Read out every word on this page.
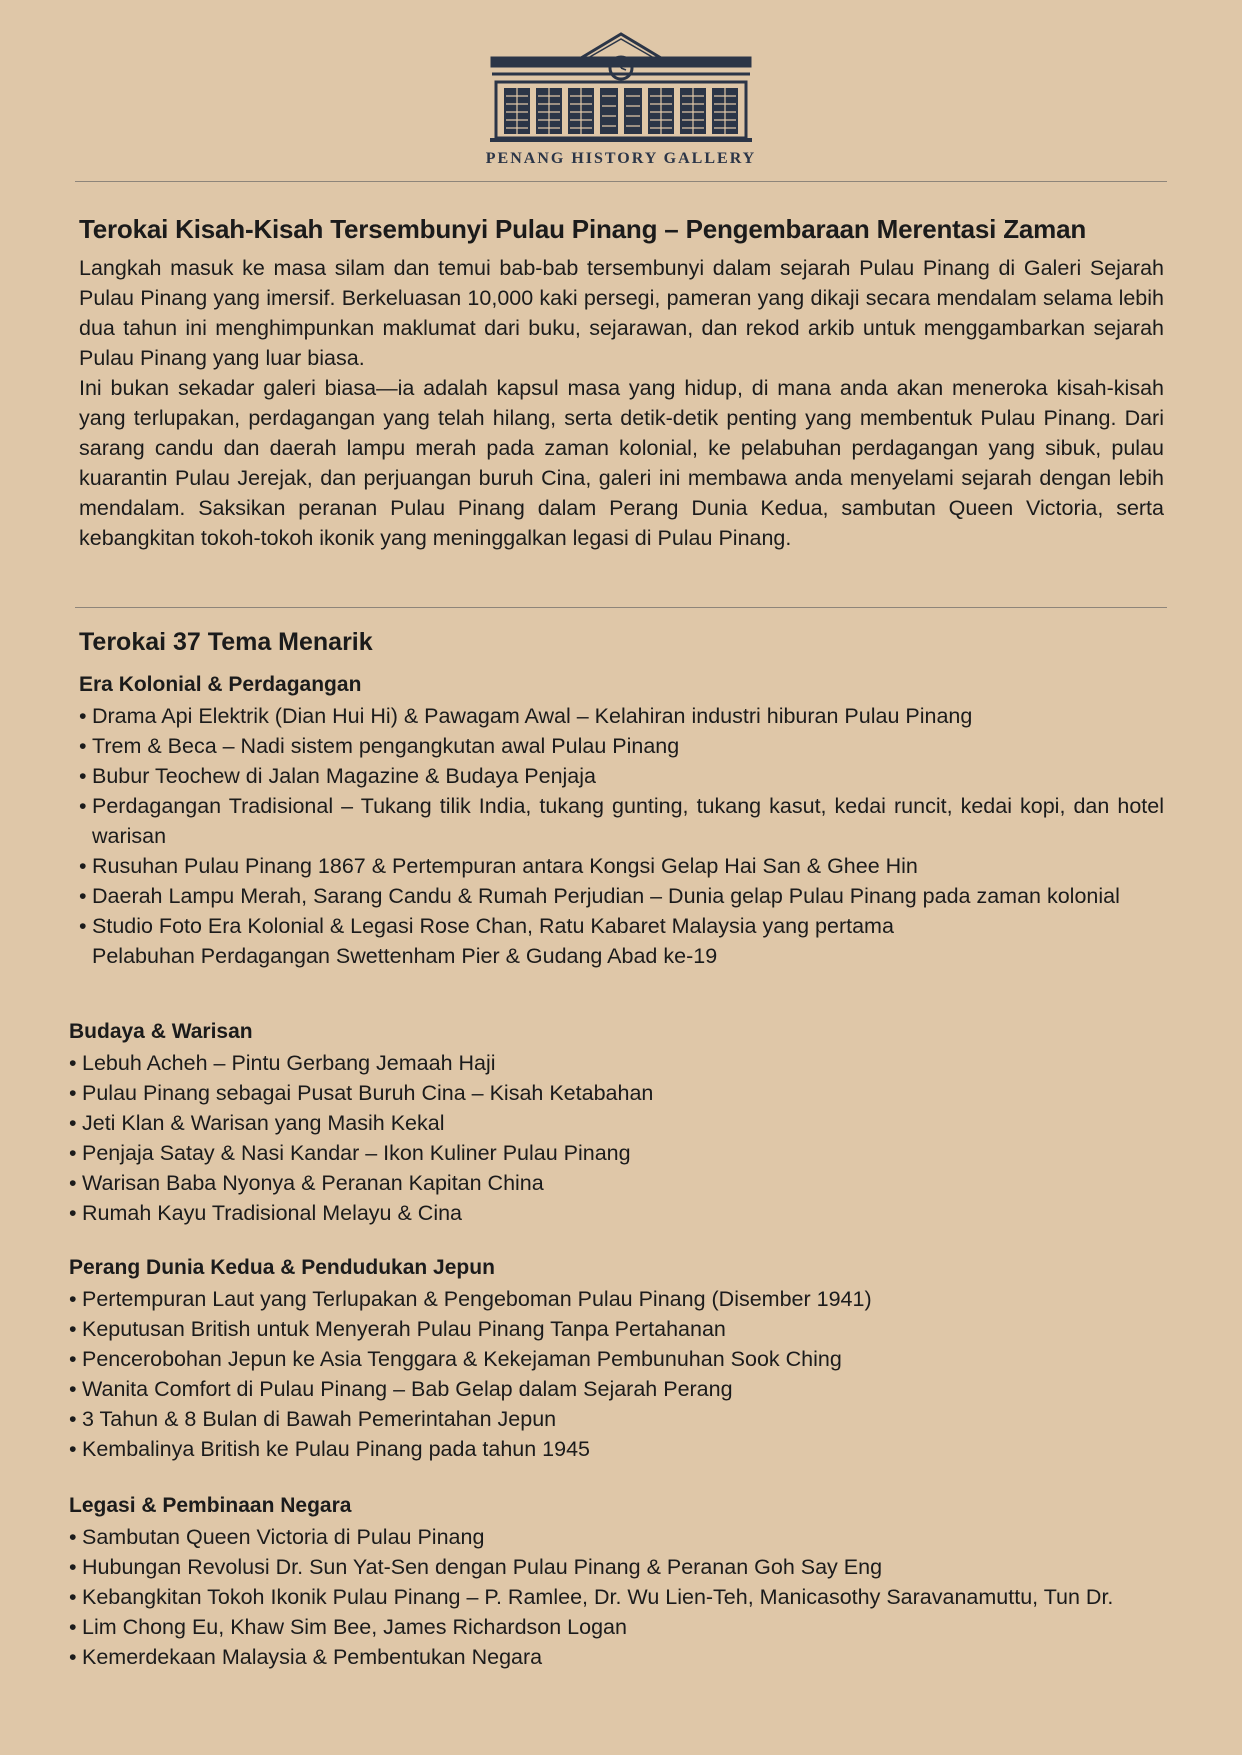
PENANG HISTORY GALLERY
Terokai Kisah-Kisah Tersembunyi Pulau Pinang – Pengembaraan Merentasi Zaman

Langkah masuk ke masa silam dan temui bab-bab tersembunyi dalam sejarah Pulau Pinang di Galeri Sejarah Pulau Pinang yang imersif. Berkeluasan 10,000 kaki persegi, pameran yang dikaji secara mendalam selama lebih dua tahun ini menghimpunkan maklumat dari buku, sejarawan, dan rekod arkib untuk menggambarkan sejarah Pulau Pinang yang luar biasa.

Ini bukan sekadar galeri biasa—ia adalah kapsul masa yang hidup, di mana anda akan meneroka kisah-kisah yang terlupakan, perdagangan yang telah hilang, serta detik-detik penting yang membentuk Pulau Pinang. Dari sarang candu dan daerah lampu merah pada zaman kolonial, ke pelabuhan perdagangan yang sibuk, pulau kuarantin Pulau Jerejak, dan perjuangan buruh Cina, galeri ini membawa anda menyelami sejarah dengan lebih mendalam. Saksikan peranan Pulau Pinang dalam Perang Dunia Kedua, sambutan Queen Victoria, serta kebangkitan tokoh-tokoh ikonik yang meninggalkan legasi di Pulau Pinang.

Terokai 37 Tema Menarik
Era Kolonial & Perdagangan
• Drama Api Elektrik (Dian Hui Hi) & Pawagam Awal – Kelahiran industri hiburan Pulau Pinang
• Trem & Beca – Nadi sistem pengangkutan awal Pulau Pinang
• Bubur Teochew di Jalan Magazine & Budaya Penjaja
• Perdagangan Tradisional – Tukang tilik India, tukang gunting, tukang kasut, kedai runcit, kedai kopi, dan hotel warisan
• Rusuhan Pulau Pinang 1867 & Pertempuran antara Kongsi Gelap Hai San & Ghee Hin
• Daerah Lampu Merah, Sarang Candu & Rumah Perjudian – Dunia gelap Pulau Pinang pada zaman kolonial
• Studio Foto Era Kolonial & Legasi Rose Chan, Ratu Kabaret Malaysia yang pertama
Pelabuhan Perdagangan Swettenham Pier & Gudang Abad ke-19
Budaya & Warisan
• Lebuh Acheh – Pintu Gerbang Jemaah Haji
• Pulau Pinang sebagai Pusat Buruh Cina – Kisah Ketabahan
• Jeti Klan & Warisan yang Masih Kekal
• Penjaja Satay & Nasi Kandar – Ikon Kuliner Pulau Pinang
• Warisan Baba Nyonya & Peranan Kapitan China
• Rumah Kayu Tradisional Melayu & Cina
Perang Dunia Kedua & Pendudukan Jepun
• Pertempuran Laut yang Terlupakan & Pengeboman Pulau Pinang (Disember 1941)
• Keputusan British untuk Menyerah Pulau Pinang Tanpa Pertahanan
• Pencerobohan Jepun ke Asia Tenggara & Kekejaman Pembunuhan Sook Ching
• Wanita Comfort di Pulau Pinang – Bab Gelap dalam Sejarah Perang
• 3 Tahun & 8 Bulan di Bawah Pemerintahan Jepun
• Kembalinya British ke Pulau Pinang pada tahun 1945
Legasi & Pembinaan Negara
• Sambutan Queen Victoria di Pulau Pinang
• Hubungan Revolusi Dr. Sun Yat-Sen dengan Pulau Pinang & Peranan Goh Say Eng
• Kebangkitan Tokoh Ikonik Pulau Pinang – P. Ramlee, Dr. Wu Lien-Teh, Manicasothy Saravanamuttu, Tun Dr.
• Lim Chong Eu, Khaw Sim Bee, James Richardson Logan
• Kemerdekaan Malaysia & Pembentukan Negara
